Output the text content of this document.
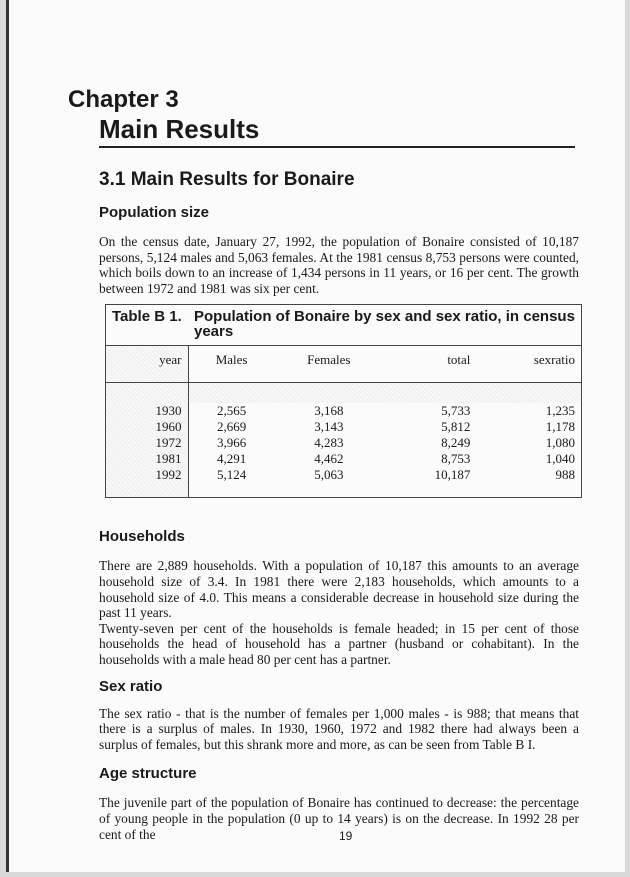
Chapter 3
Main Results
3.1 Main Results for Bonaire
Population size
On the census date, January 27, 1992, the population of Bonaire consisted of 10,187 persons, 5,124 males and 5,063 females. At the 1981 census 8,753 persons were counted, which boils down to an increase of 1,434 persons in 11 years, or 16 per cent. The growth between 1972 and 1981 was six per cent.
Table B 1.	Population of Bonaire by sex and sex ratio, in census years			
year	Males	Females	total	sexratio

1930	2,565	3,168	5,733	1,235
1960	2,669	3,143	5,812	1,178
1972	3,966	4,283	8,249	1,080
1981	4,291	4,462	8,753	1,040
1992	5,124	5,063	10,187	988

Households
There are 2,889 households. With a population of 10,187 this amounts to an average household size of 3.4. In 1981 there were 2,183 households, which amounts to a household size of 4.0. This means a considerable decrease in household size during the past 11 years.
Twenty-seven per cent of the households is female headed; in 15 per cent of those households the head of household has a partner (husband or cohabitant). In the households with a male head 80 per cent has a partner.
Sex ratio
The sex ratio - that is the number of females per 1,000 males - is 988; that means that there is a surplus of males. In 1930, 1960, 1972 and 1982 there had always been a surplus of females, but this shrank more and more, as can be seen from Table B I.
Age structure
The juvenile part of the population of Bonaire has continued to decrease: the percentage of young people in the population (0 up to 14 years) is on the decrease. In 1992 28 per cent of the	19
